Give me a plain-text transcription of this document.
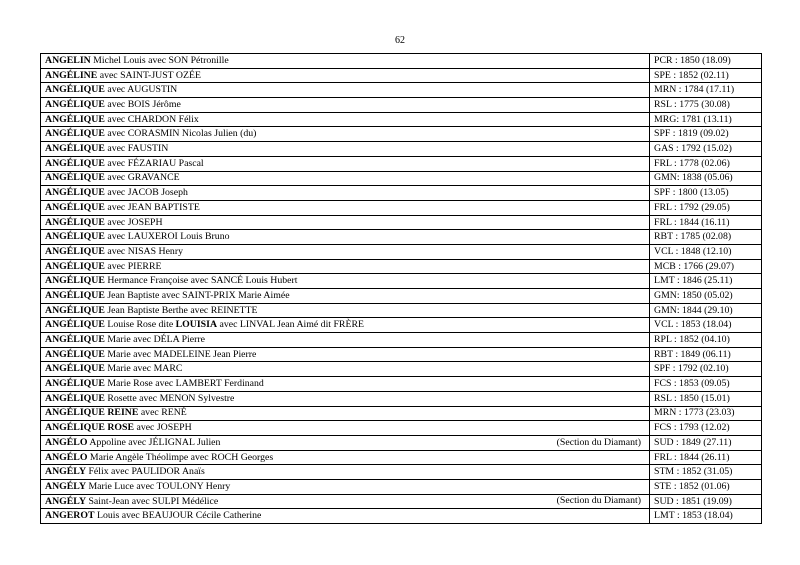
62
ANGELIN Michel Louis avec SON Pétronille	PCR : 1850 (18.09)
ANGÉLINE avec SAINT-JUST OZÉE	SPE : 1852 (02.11)
ANGÉLIQUE avec AUGUSTIN	MRN : 1784 (17.11)
ANGÉLIQUE avec BOIS Jérôme	RSL : 1775 (30.08)
ANGÉLIQUE avec CHARDON Félix	MRG: 1781 (13.11)
ANGÉLIQUE avec CORASMIN Nicolas Julien (du)	SPF : 1819 (09.02)
ANGÉLIQUE avec FAUSTIN	GAS : 1792 (15.02)
ANGÉLIQUE avec FÉZARIAU Pascal	FRL : 1778 (02.06)
ANGÉLIQUE avec GRAVANCE	GMN: 1838 (05.06)
ANGÉLIQUE avec JACOB Joseph	SPF : 1800 (13.05)
ANGÉLIQUE avec JEAN BAPTISTE	FRL : 1792 (29.05)
ANGÉLIQUE avec JOSEPH	FRL : 1844 (16.11)
ANGÉLIQUE avec LAUXEROI Louis Bruno	RBT : 1785 (02.08)
ANGÉLIQUE avec NISAS Henry	VCL : 1848 (12.10)
ANGÉLIQUE avec PIERRE	MCB : 1766 (29.07)
ANGÉLIQUE Hermance Françoise avec SANCÉ Louis Hubert	LMT : 1846 (25.11)
ANGÉLIQUE Jean Baptiste avec SAINT-PRIX Marie Aimée	GMN: 1850 (05.02)
ANGÉLIQUE Jean Baptiste Berthe avec REINETTE	GMN: 1844 (29.10)
ANGÉLIQUE Louise Rose dite LOUISIA avec LINVAL Jean Aimé dit FRÈRE	VCL : 1853 (18.04)
ANGÉLIQUE Marie avec DÉLA Pierre	RPL : 1852 (04.10)
ANGÉLIQUE Marie avec MADELEINE Jean Pierre	RBT : 1849 (06.11)
ANGÉLIQUE Marie avec MARC	SPF : 1792 (02.10)
ANGÉLIQUE Marie Rose avec LAMBERT Ferdinand	FCS : 1853 (09.05)
ANGÉLIQUE Rosette avec MENON Sylvestre	RSL : 1850 (15.01)
ANGÉLIQUE REINE avec RENÉ	MRN : 1773 (23.03)
ANGÉLIQUE ROSE avec JOSEPH	FCS : 1793 (12.02)
ANGÉLO Appoline avec JÉLIGNAL Julien (Section du Diamant)	SUD : 1849 (27.11)
ANGÉLO Marie Angèle Théolimpe avec ROCH Georges	FRL : 1844 (26.11)
ANGÉLY Félix avec PAULIDOR Anaïs	STM : 1852 (31.05)
ANGÉLY Marie Luce avec TOULONY Henry	STE : 1852 (01.06)
ANGÉLY Saint-Jean avec SULPI Médélice (Section du Diamant)	SUD : 1851 (19.09)
ANGEROT Louis avec BEAUJOUR Cécile Catherine	LMT : 1853 (18.04)
